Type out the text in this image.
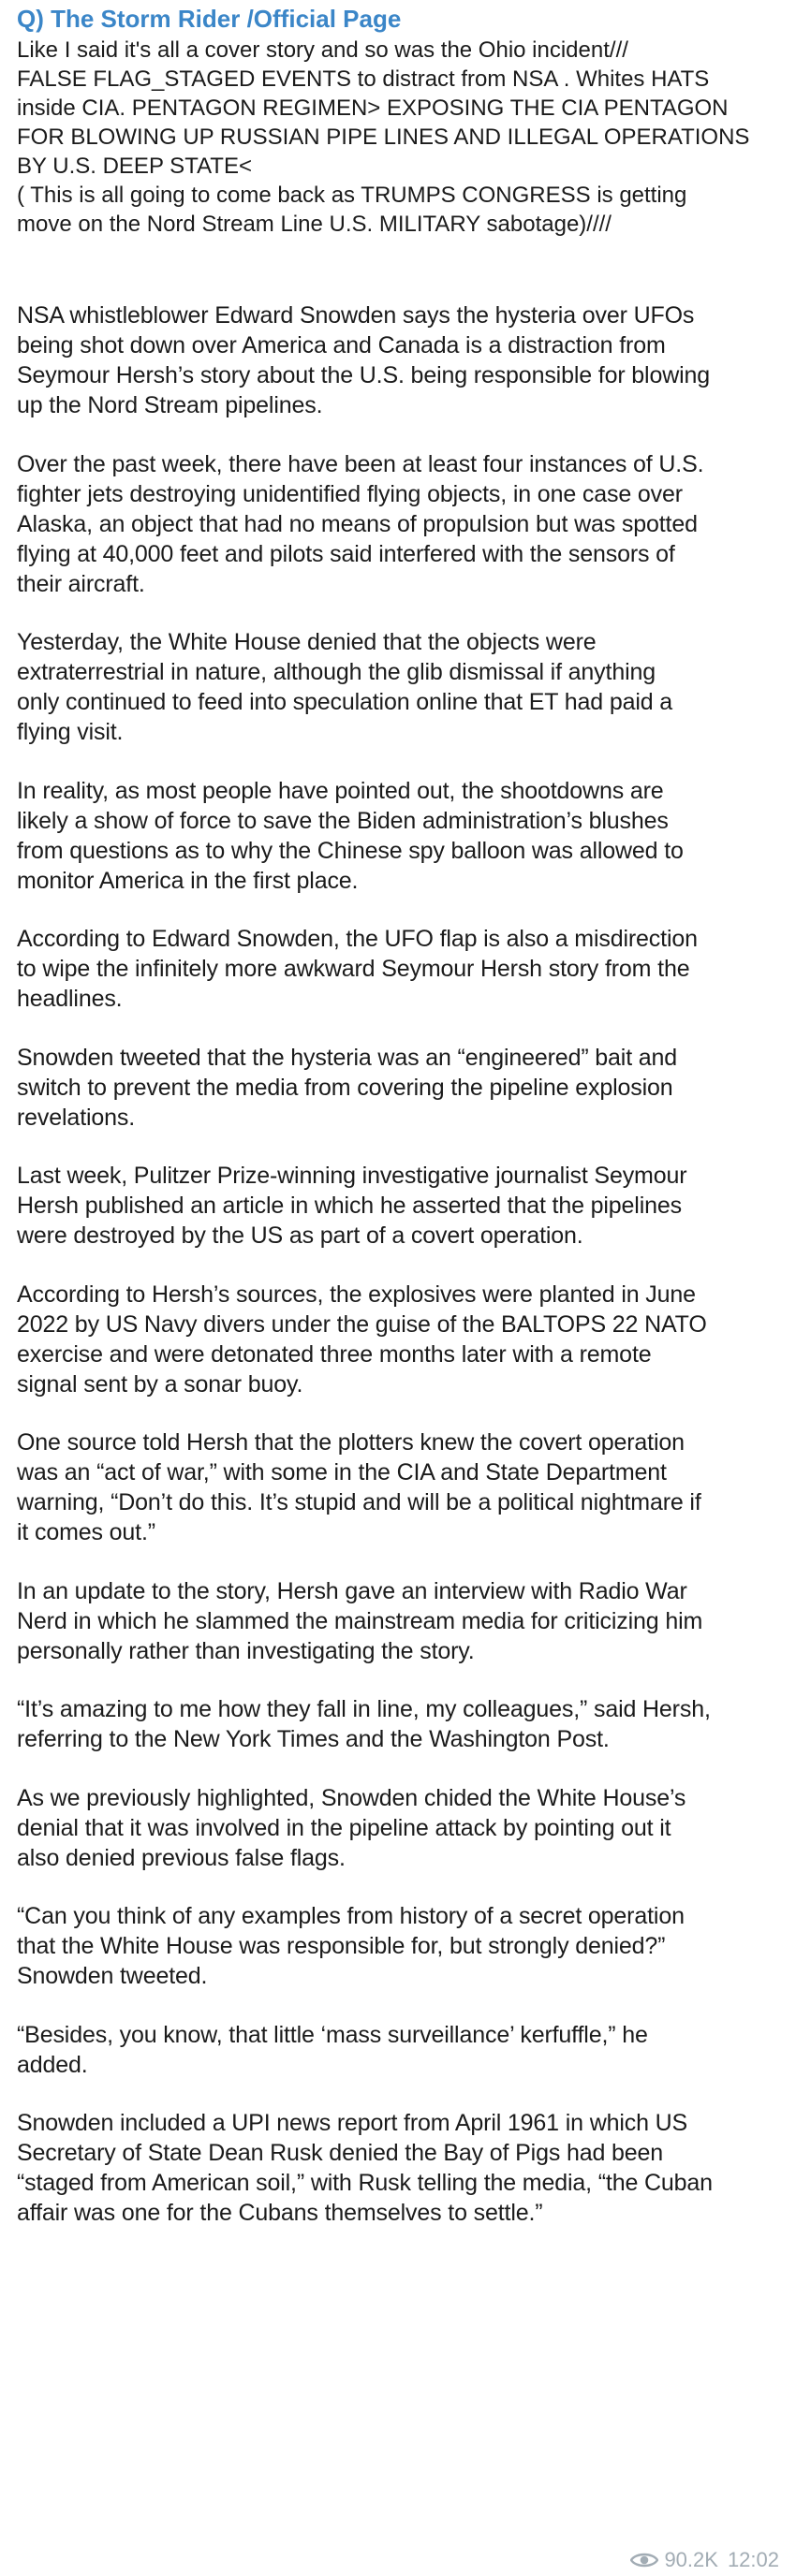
Q) The Storm Rider /Official Page

Like I said it's all a cover story and so was the Ohio incident///

FALSE FLAG_STAGED EVENTS to distract from NSA . Whites HATS

inside CIA. PENTAGON REGIMEN> EXPOSING THE CIA PENTAGON

FOR BLOWING UP RUSSIAN PIPE LINES AND ILLEGAL OPERATIONS

BY U.S. DEEP STATE<

( This is all going to come back as TRUMPS CONGRESS is getting

move on the Nord Stream Line U.S. MILITARY sabotage)////

NSA whistleblower Edward Snowden says the hysteria over UFOs
being shot down over America and Canada is a distraction from
Seymour Hersh’s story about the U.S. being responsible for blowing
up the Nord Stream pipelines.

Over the past week, there have been at least four instances of U.S.
fighter jets destroying unidentified flying objects, in one case over
Alaska, an object that had no means of propulsion but was spotted
flying at 40,000 feet and pilots said interfered with the sensors of
their aircraft.

Yesterday, the White House denied that the objects were
extraterrestrial in nature, although the glib dismissal if anything
only continued to feed into speculation online that ET had paid a
flying visit.

In reality, as most people have pointed out, the shootdowns are
likely a show of force to save the Biden administration’s blushes
from questions as to why the Chinese spy balloon was allowed to
monitor America in the first place.

According to Edward Snowden, the UFO flap is also a misdirection
to wipe the infinitely more awkward Seymour Hersh story from the
headlines.

Snowden tweeted that the hysteria was an “engineered” bait and
switch to prevent the media from covering the pipeline explosion
revelations.

Last week, Pulitzer Prize-winning investigative journalist Seymour
Hersh published an article in which he asserted that the pipelines
were destroyed by the US as part of a covert operation.

According to Hersh’s sources, the explosives were planted in June
2022 by US Navy divers under the guise of the BALTOPS 22 NATO
exercise and were detonated three months later with a remote
signal sent by a sonar buoy.

One source told Hersh that the plotters knew the covert operation
was an “act of war,” with some in the CIA and State Department
warning, “Don’t do this. It’s stupid and will be a political nightmare if
it comes out.”

In an update to the story, Hersh gave an interview with Radio War
Nerd in which he slammed the mainstream media for criticizing him
personally rather than investigating the story.

“It’s amazing to me how they fall in line, my colleagues,” said Hersh,
referring to the New York Times and the Washington Post.

As we previously highlighted, Snowden chided the White House’s
denial that it was involved in the pipeline attack by pointing out it
also denied previous false flags.

“Can you think of any examples from history of a secret operation
that the White House was responsible for, but strongly denied?”
Snowden tweeted.

“Besides, you know, that little ‘mass surveillance’ kerfuffle,” he
added.

Snowden included a UPI news report from April 1961 in which US
Secretary of State Dean Rusk denied the Bay of Pigs had been
“staged from American soil,” with Rusk telling the media, “the Cuban
affair was one for the Cubans themselves to settle.”

90.2K 12:02
